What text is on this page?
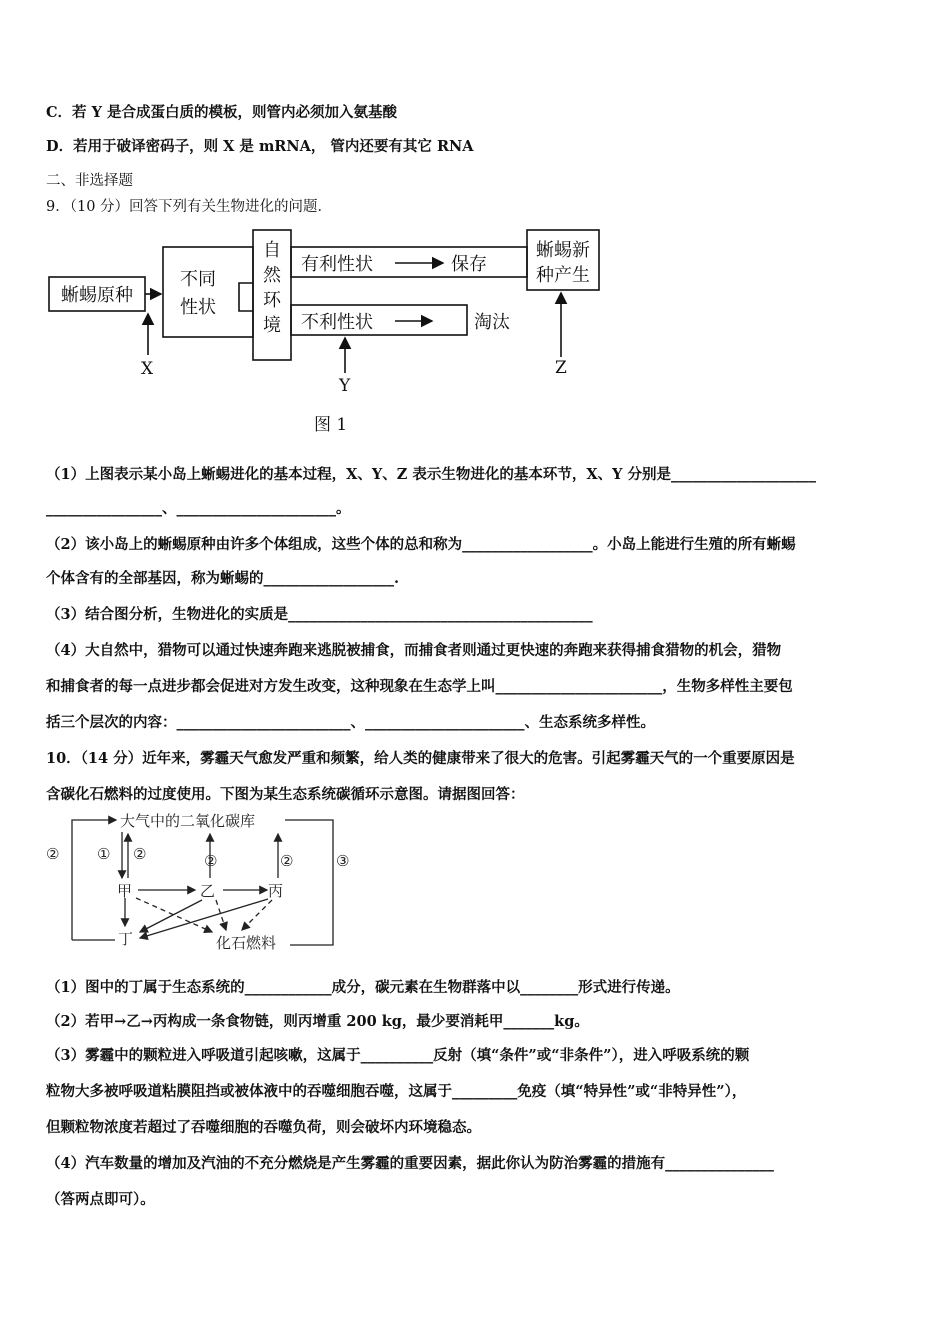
C．若 Y 是合成蛋白质的模板，则管内必须加入氨基酸
D．若用于破译密码子，则 X 是 mRNA， 管内还要有其它 RNA
二、非选择题
9．（10 分）回答下列有关生物进化的问题．
蜥蜴原种
不同
性状
自
然
环
境
有利性状	保存
不利性状	淘汰
蜥蜴新
种产生
X
Y
Z
图 1
（1）上图表示某小岛上蜥蜴进化的基本过程，X、Y、Z 表示生物进化的基本环节，X、Y 分别是____________________
________________、______________________。
（2）该小岛上的蜥蜴原种由许多个体组成，这些个体的总和称为__________________。小岛上能进行生殖的所有蜥蜴
个体含有的全部基因，称为蜥蜴的__________________.
（3）结合图分析，生物进化的实质是__________________________________________
（4）大自然中，猎物可以通过快速奔跑来逃脱被捕食，而捕食者则通过更快速的奔跑来获得捕食猎物的机会，猎物
和捕食者的每一点进步都会促进对方发生改变，这种现象在生态学上叫_______________________，生物多样性主要包
括三个层次的内容：________________________、______________________、生态系统多样性。
10．（14 分）近年来，雾霾天气愈发严重和频繁，给人类的健康带来了很大的危害。引起雾霾天气的一个重要原因是
含碳化石燃料的过度使用。下图为某生态系统碳循环示意图。请据图回答：
大气中的二氧化碳库
① ②	②	②
②	③
甲	乙	丙
丁	化石燃料
（1）图中的丁属于生态系统的____________成分，碳元素在生物群落中以________形式进行传递。
（2）若甲→乙→丙构成一条食物链，则丙增重 200 kg，最少要消耗甲_______kg。
（3）雾霾中的颗粒进入呼吸道引起咳嗽，这属于__________反射（填“条件”或“非条件”），进入呼吸系统的颗
粒物大多被呼吸道粘膜阻挡或被体液中的吞噬细胞吞噬，这属于_________免疫（填“特异性”或“非特异性”），
但颗粒物浓度若超过了吞噬细胞的吞噬负荷，则会破坏内环境稳态。
（4）汽车数量的增加及汽油的不充分燃烧是产生雾霾的重要因素，据此你认为防治雾霾的措施有_______________
（答两点即可）。
